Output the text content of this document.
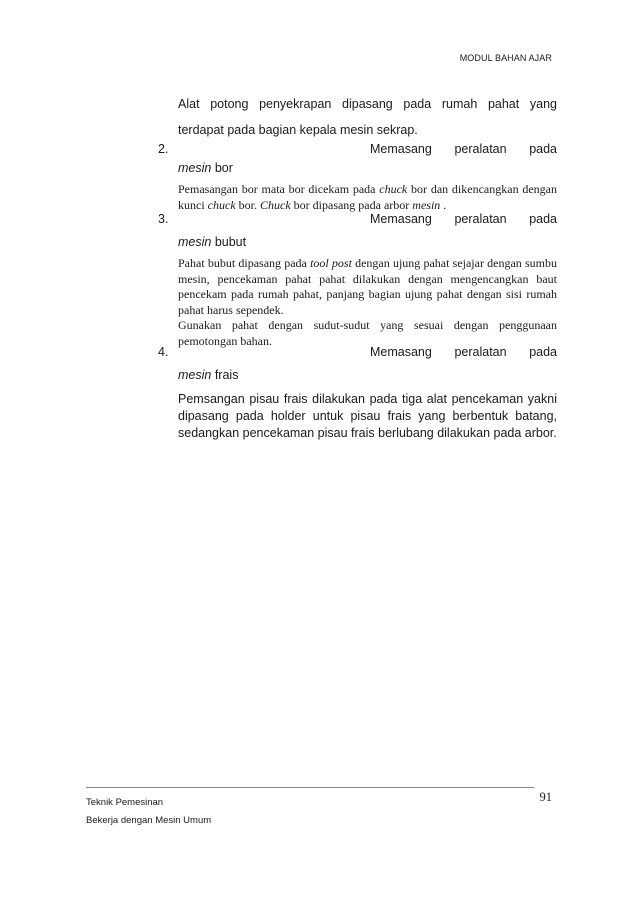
MODUL BAHAN AJAR
Alat potong penyekrapan dipasang pada rumah pahat yang
terdapat pada bagian kepala mesin sekrap.
2.	Memasang peralatan pada
mesin bor
Pemasangan bor mata bor dicekam pada chuck bor dan dikencangkan dengan kunci chuck bor. Chuck bor dipasang pada arbor mesin .
3.	Memasang peralatan pada
mesin bubut
Pahat bubut dipasang pada tool post dengan ujung pahat sejajar dengan sumbu mesin, pencekaman pahat pahat dilakukan dengan mengencangkan baut pencekam pada rumah pahat, panjang bagian ujung pahat dengan sisi rumah pahat harus sependek.
Gunakan pahat dengan sudut-sudut yang sesuai dengan penggunaan pemotongan bahan.
4.	Memasang peralatan pada
mesin frais
Pemsangan pisau frais dilakukan pada tiga alat pencekaman yakni dipasang pada holder untuk pisau frais yang berbentuk batang, sedangkan pencekaman pisau frais berlubang dilakukan pada arbor.
Teknik Pemesinan
Bekerja dengan Mesin Umum
91
